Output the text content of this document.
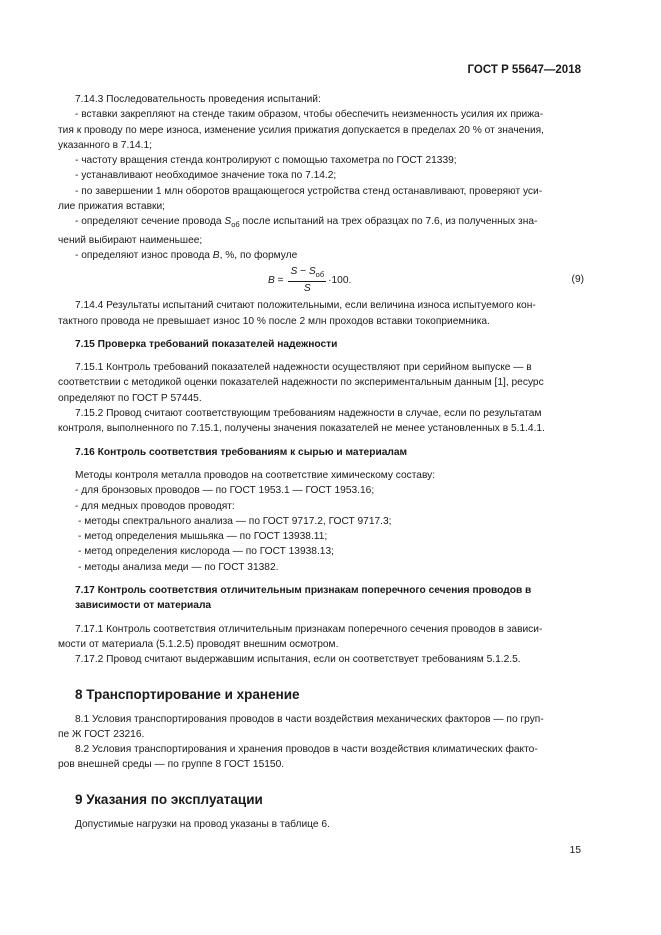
ГОСТ Р 55647—2018

7.14.3 Последовательность проведения испытаний:

- вставки закрепляют на стенде таким образом, чтобы обеспечить неизменность усилия их прижа-

тия к проводу по мере износа, изменение усилия прижатия допускается в пределах 20 % от значения,

указанного в 7.14.1;

- частоту вращения стенда контролируют с помощью тахометра по ГОСТ 21339;

- устанавливают необходимое значение тока по 7.14.2;

- по завершении 1 млн оборотов вращающегося устройства стенд останавливают, проверяют уси-

лие прижатия вставки;

- определяют сечение провода $S_{об}$ после испытаний на трех образцах по 7.6, из полученных зна-

чений выбирают наименьшее;

- определяют износ провода B, %, по формуле

B
=
$\frac{S - S_{об}}{S} \cdot 100$.	(9)

7.14.4 Результаты испытаний считают положительными, если величина износа испытуемого кон-

тактного провода не превышает износ 10 % после 2 млн проходов вставки токоприемника.

7.15 Проверка требований показателей надежности

7.15.1 Контроль требований показателей надежности осуществляют при серийном выпуске — в

соответствии с методикой оценки показателей надежности по экспериментальным данным [1], ресурс

определяют по ГОСТ Р 57445.

7.15.2 Провод считают соответствующим требованиям надежности в случае, если по результатам

контроля, выполненного по 7.15.1, получены значения показателей не менее установленных в 5.1.4.1.

7.16 Контроль соответствия требованиям к сырью и материалам

Методы контроля металла проводов на соответствие химическому составу:

- для бронзовых проводов — по ГОСТ 1953.1 — ГОСТ 1953.16;

- для медных проводов проводят:

- методы спектрального анализа — по ГОСТ 9717.2, ГОСТ 9717.3;

- метод определения мышьяка — по ГОСТ 13938.11;

- метод определения кислорода — по ГОСТ 13938.13;

- методы анализа меди — по ГОСТ 31382.

7.17 Контроль соответствия отличительным признакам поперечного сечения проводов в

зависимости от материала

7.17.1 Контроль соответствия отличительным признакам поперечного сечения проводов в зависи-

мости от материала (5.1.2.5) проводят внешним осмотром.

7.17.2 Провод считают выдержавшим испытания, если он соответствует требованиям 5.1.2.5.

8 Транспортирование и хранение

8.1 Условия транспортирования проводов в части воздействия механических факторов — по груп-

пе Ж ГОСТ 23216.

8.2 Условия транспортирования и хранения проводов в части воздействия климатических факто-

ров внешней среды — по группе 8 ГОСТ 15150.

9 Указания по эксплуатации

Допустимые нагрузки на провод указаны в таблице 6.

15
